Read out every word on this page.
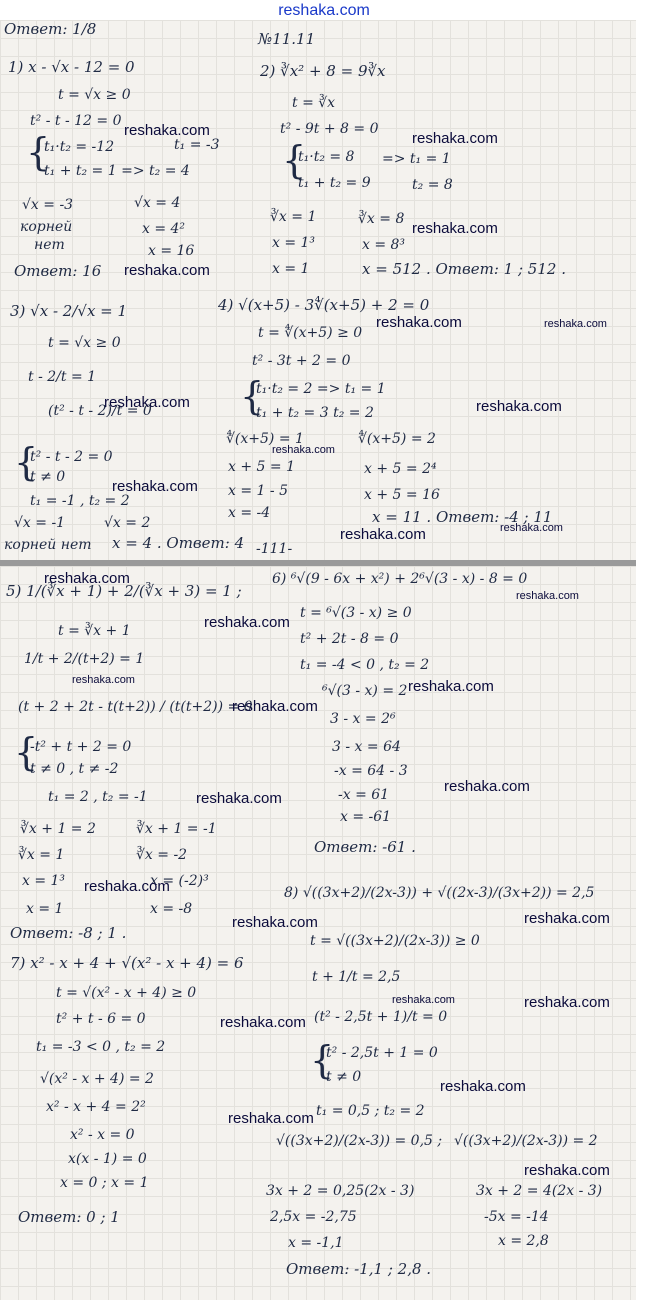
reshaka.com
Ответ: 1/8
№11.11
1) x - √x - 12 = 0	2) ∛x² + 8 = 9∛x
t = √x ≥ 0	t = ∛x
t² - t - 12 = 0	t² - 9t + 8 = 0
{
t₁·t₂ = -12	t₁ = -3
t₁ + t₂ = 1 => t₂ = 4 {
t₁·t₂ = 8 => t₁ = 1
t₁ + t₂ = 9	t₂ = 8
√x = -3	√x = 4
корней
нет
x = 4²
x = 16
∛x = 1	∛x = 8
x = 1³	x = 8³
Ответ: 16	x = 1	x = 512 . Ответ: 1 ; 512 .
3) √x - 2/√x = 1	4) √(x+5) - 3∜(x+5) + 2 = 0
t = √x ≥ 0
t = ∜(x+5) ≥ 0
t - 2/t = 1
t² - 3t + 2 = 0
(t² - t - 2)/t = 0 {
t₁·t₂ = 2 => t₁ = 1
t₁ + t₂ = 3 t₂ = 2
{
t² - t - 2 = 0
∜(x+5) = 1	∜(x+5) = 2
t ≠ 0
x + 5 = 1	x + 5 = 2⁴
t₁ = -1 , t₂ = 2
x = 1 - 5	x + 5 = 16
√x = -1	√x = 2
x = -4	x = 11 . Ответ: -4 ; 11
корней нет x = 4 . Ответ: 4 -111-
5) 1/(∛x + 1) + 2/(∛x + 3) = 1 ;
6) ⁶√(9 - 6x + x²) + 2⁶√(3 - x) - 8 = 0
t = ∛x + 1
t = ⁶√(3 - x) ≥ 0
1/t + 2/(t+2) = 1
t² + 2t - 8 = 0
t₁ = -4 < 0 , t₂ = 2
(t + 2 + 2t - t(t+2)) / (t(t+2)) = 0
⁶√(3 - x) = 2
{
-t² + t + 2 = 0
3 - x = 2⁶
t ≠ 0 , t ≠ -2
3 - x = 64
-x = 64 - 3
t₁ = 2 , t₂ = -1	-x = 61
∛x + 1 = 2	∛x + 1 = -1
x = -61
∛x = 1	∛x = -2	Ответ: -61 .
x = 1³	x = (-2)³
8) √((3x+2)/(2x-3)) + √((2x-3)/(3x+2)) = 2,5
x = 1	x = -8
Ответ: -8 ; 1 .	t = √((3x+2)/(2x-3)) ≥ 0
7) x² - x + 4 + √(x² - x + 4) = 6
t = √(x² - x + 4) ≥ 0
t + 1/t = 2,5
t² + t - 6 = 0	(t² - 2,5t + 1)/t = 0
t₁ = -3 < 0 , t₂ = 2	{
t² - 2,5t + 1 = 0
√(x² - x + 4) = 2	t ≠ 0
x² - x + 4 = 2²	t₁ = 0,5 ; t₂ = 2
x² - x = 0	√((3x+2)/(2x-3)) = 0,5 ; √((3x+2)/(2x-3)) = 2
x(x - 1) = 0
x = 0 ; x = 1	3x + 2 = 0,25(2x - 3)	3x + 2 = 4(2x - 3)
Ответ: 0 ; 1	2,5x = -2,75	-5x = -14
x = -1,1	x = 2,8
Ответ: -1,1 ; 2,8 .
reshaka.com	reshaka.com
reshaka.com
reshaka.com
reshaka.com	reshaka.com
reshaka.com	reshaka.com
reshaka.com
reshaka.com
reshaka.com	reshaka.com
reshaka.com
reshaka.com
reshaka.com
reshaka.com	reshaka.com
reshaka.com
reshaka.com
reshaka.com
reshaka.com
reshaka.com	reshaka.com
reshaka.com	reshaka.com
reshaka.com
reshaka.com
reshaka.com
reshaka.com
